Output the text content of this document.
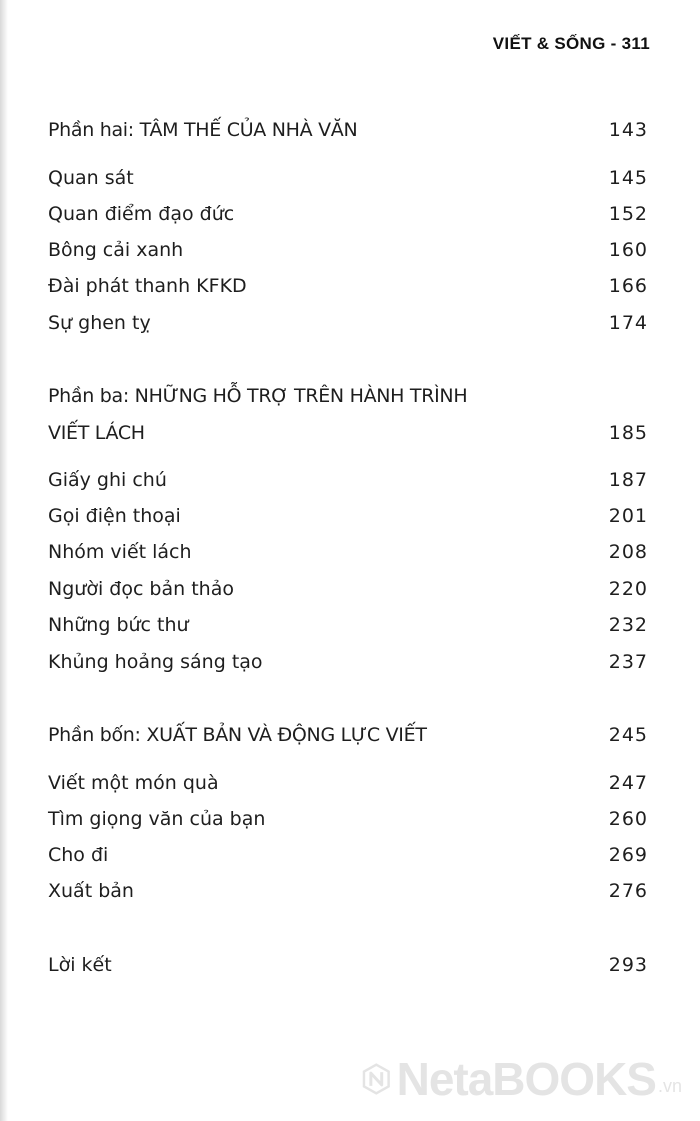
VIẾT & SỐNG - 311
Phần hai: TÂM THẾ CỦA NHÀ VĂN	143
Quan sát	145
Quan điểm đạo đức	152
Bông cải xanh	160
Đài phát thanh KFKD	166
Sự ghen tỵ	174
Phần ba: NHỮNG HỖ TRỢ TRÊN HÀNH TRÌNH
VIẾT LÁCH	185
Giấy ghi chú	187
Gọi điện thoại	201
Nhóm viết lách	208
Người đọc bản thảo	220
Những bức thư	232
Khủng hoảng sáng tạo	237
Phần bốn: XUẤT BẢN VÀ ĐỘNG LỰC VIẾT	245
Viết một món quà	247
Tìm giọng văn của bạn	260
Cho đi	269
Xuất bản	276
Lời kết	293
NetaBOOKS .vn
